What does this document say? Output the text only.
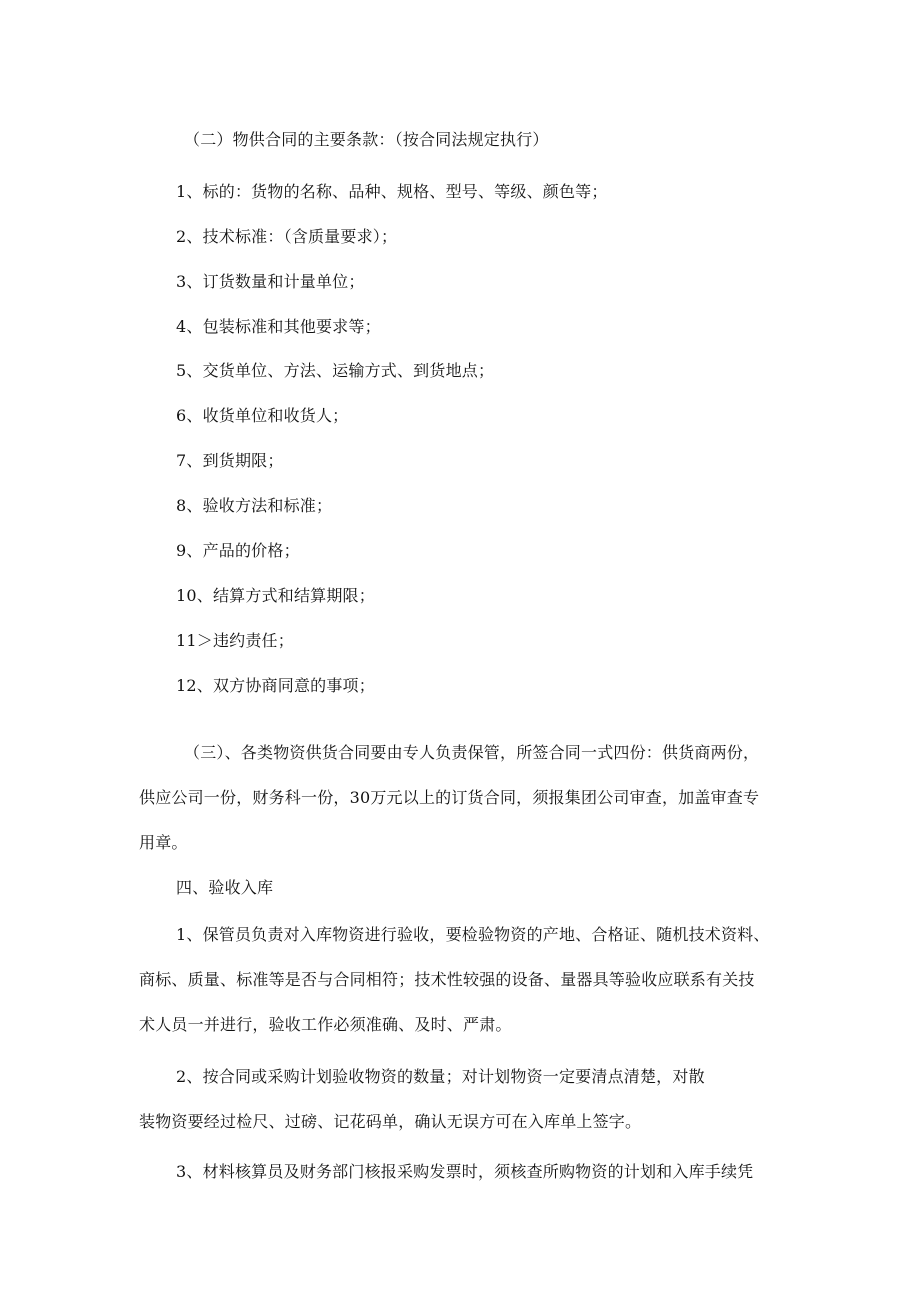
（二）物供合同的主要条款：（按合同法规定执行）
1、标的：货物的名称、品种、规格、型号、等级、颜色等；
2、技术标准：（含质量要求）；
3、订货数量和计量单位；
4、包装标准和其他要求等；
5、交货单位、方法、运输方式、到货地点；
6、收货单位和收货人；
7、到货期限；
8、验收方法和标准；
9、产品的价格；
10、结算方式和结算期限；
11＞违约责任；
12、双方协商同意的事项；
（三）、各类物资供货合同要由专人负责保管，所签合同一式四份：供货商两份，
供应公司一份，财务科一份，30万元以上的订货合同，须报集团公司审查，加盖审查专
用章。
四、验收入库
1、保管员负责对入库物资进行验收，要检验物资的产地、合格证、随机技术资料、
商标、质量、标准等是否与合同相符；技术性较强的设备、量器具等验收应联系有关技
术人员一并进行，验收工作必须准确、及时、严肃。
2、按合同或采购计划验收物资的数量；对计划物资一定要清点清楚，对散
装物资要经过检尺、过磅、记花码单，确认无误方可在入库单上签字。
3、材料核算员及财务部门核报采购发票时，须核查所购物资的计划和入库手续凭
